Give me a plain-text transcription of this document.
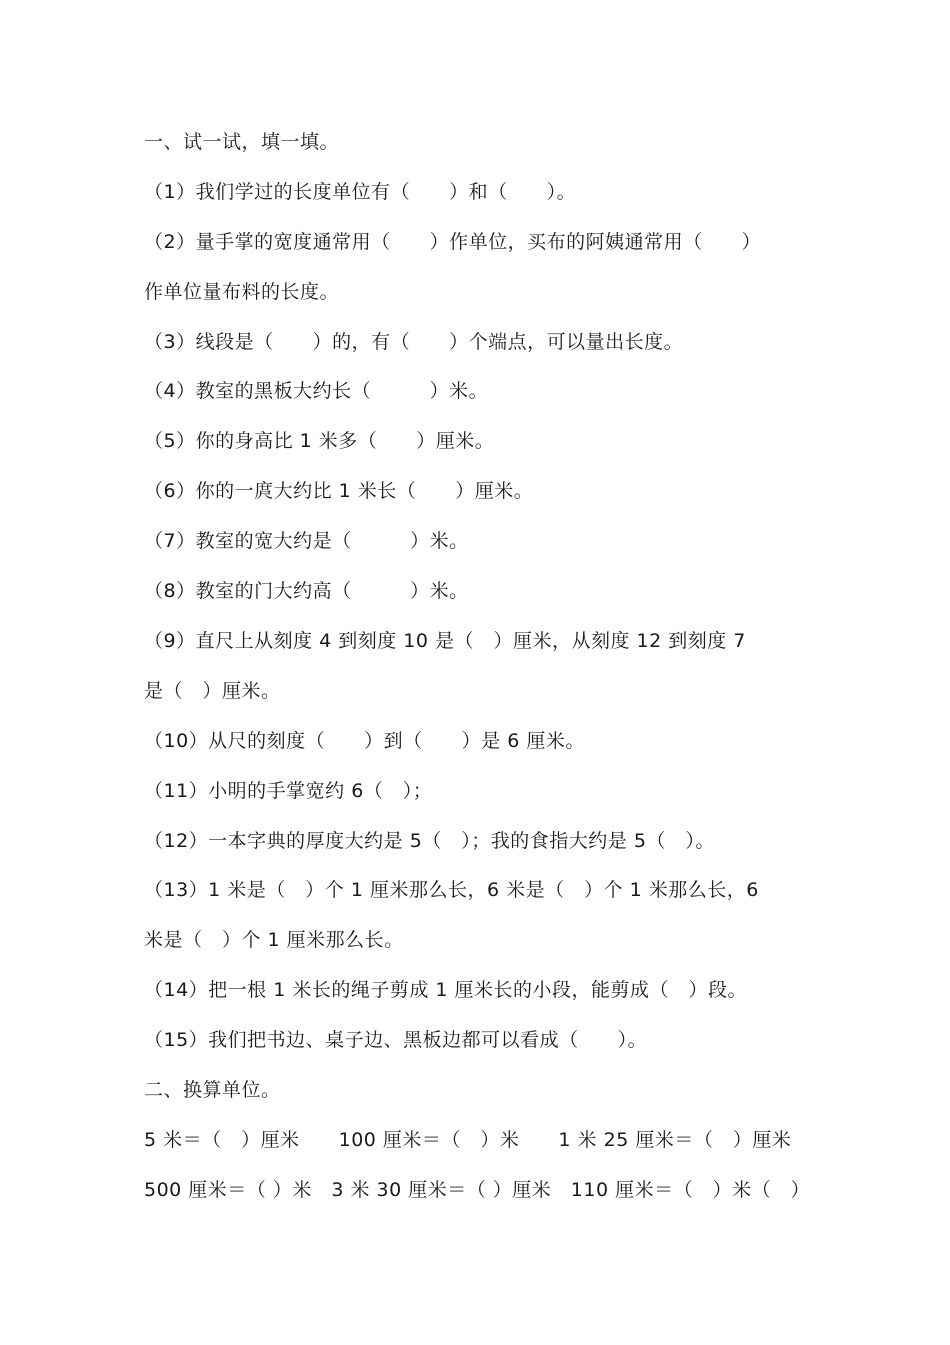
一、试一试，填一填。
（1）我们学过的长度单位有（　　）和（　　）。
（2）量手掌的宽度通常用（　　）作单位，买布的阿姨通常用（　　）
作单位量布料的长度。
（3）线段是（　　）的，有（　　）个端点，可以量出长度。
（4）教室的黑板大约长（　　　）米。
（5）你的身高比 1 米多（　　）厘米。
（6）你的一庹大约比 1 米长（　　）厘米。
（7）教室的宽大约是（　　　）米。
（8）教室的门大约高（　　　）米。
（9）直尺上从刻度 4 到刻度 10 是（　）厘米，从刻度 12 到刻度 7
是（　）厘米。
（10）从尺的刻度（　　）到（　　）是 6 厘米。
（11）小明的手掌宽约 6（　）；
（12）一本字典的厚度大约是 5（　）；我的食指大约是 5（　）。
（13）1 米是（　）个 1 厘米那么长，6 米是（　）个 1 米那么长，6
米是（　）个 1 厘米那么长。
（14）把一根 1 米长的绳子剪成 1 厘米长的小段，能剪成（　）段。
（15）我们把书边、桌子边、黑板边都可以看成（　　）。
二、换算单位。
5 米＝（　）厘米　　100 厘米＝（　）米　　1 米 25 厘米＝（　）厘米
500 厘米＝（ ）米　3 米 30 厘米＝（ ）厘米　110 厘米＝（　）米（　）
